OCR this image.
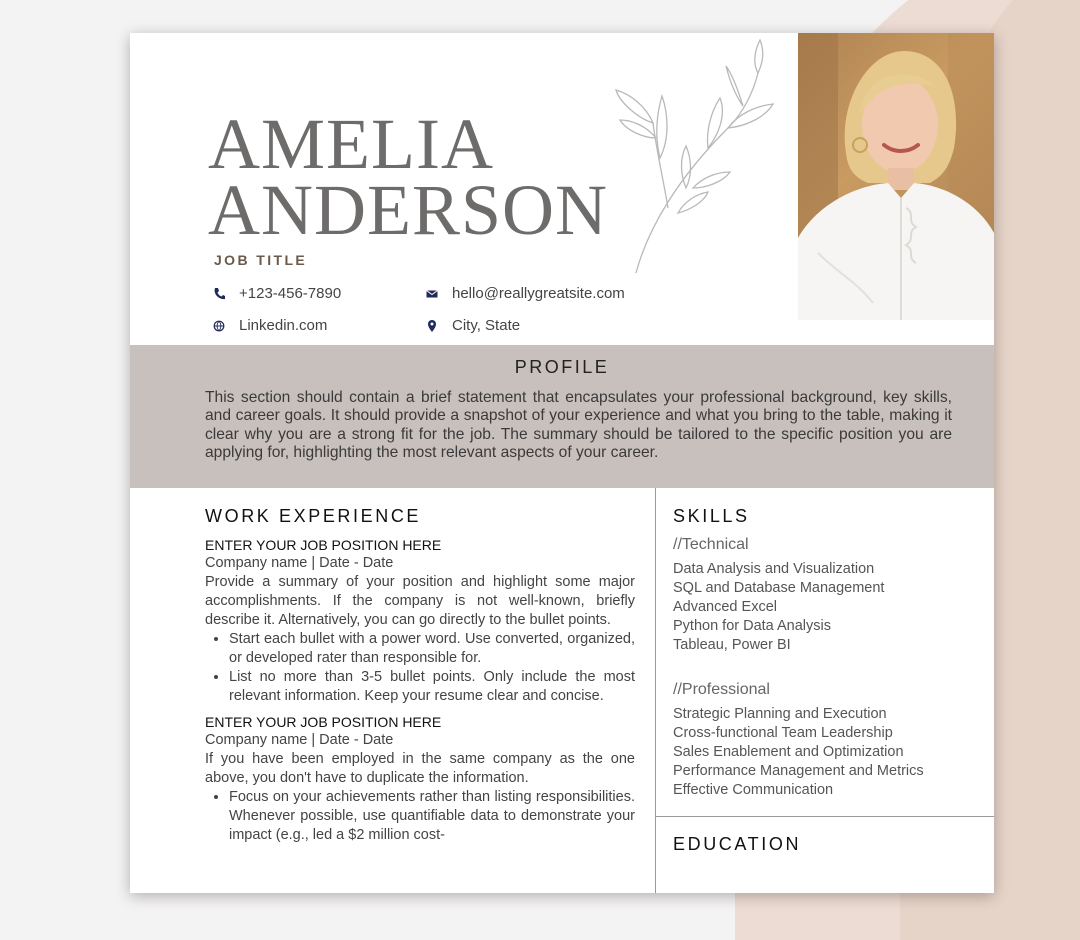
AMELIA
ANDERSON
JOB TITLE
+123-456-7890	hello@reallygreatsite.com
Linkedin.com	City, State
PROFILE

This section should contain a brief statement that encapsulates your professional background, key skills, and career goals. It should provide a snapshot of your experience and what you bring to the table, making it clear why you are a strong fit for the job. The summary should be tailored to the specific position you are applying for, highlighting the most relevant aspects of your career.

WORK EXPERIENCE
ENTER YOUR JOB POSITION HERE
Company name | Date - Date

Provide a summary of your position and highlight some major accomplishments. If the company is not well-known, briefly describe it. Alternatively, you can go directly to the bullet points.

• Start each bullet with a power word. Use converted, organized, or developed rater than responsible for.
• List no more than 3-5 bullet points. Only include the most relevant information. Keep your resume clear and concise.
ENTER YOUR JOB POSITION HERE
Company name | Date - Date

If you have been employed in the same company as the one above, you don't have to duplicate the information.

• Focus on your achievements rather than listing responsibilities. Whenever possible, use quantifiable data to demonstrate your impact (e.g., led a $2 million cost-
SKILLS
//Technical
Data Analysis and Visualization
SQL and Database Management
Advanced Excel
Python for Data Analysis
Tableau, Power BI
//Professional
Strategic Planning and Execution
Cross-functional Team Leadership
Sales Enablement and Optimization
Performance Management and Metrics
Effective Communication
EDUCATION
